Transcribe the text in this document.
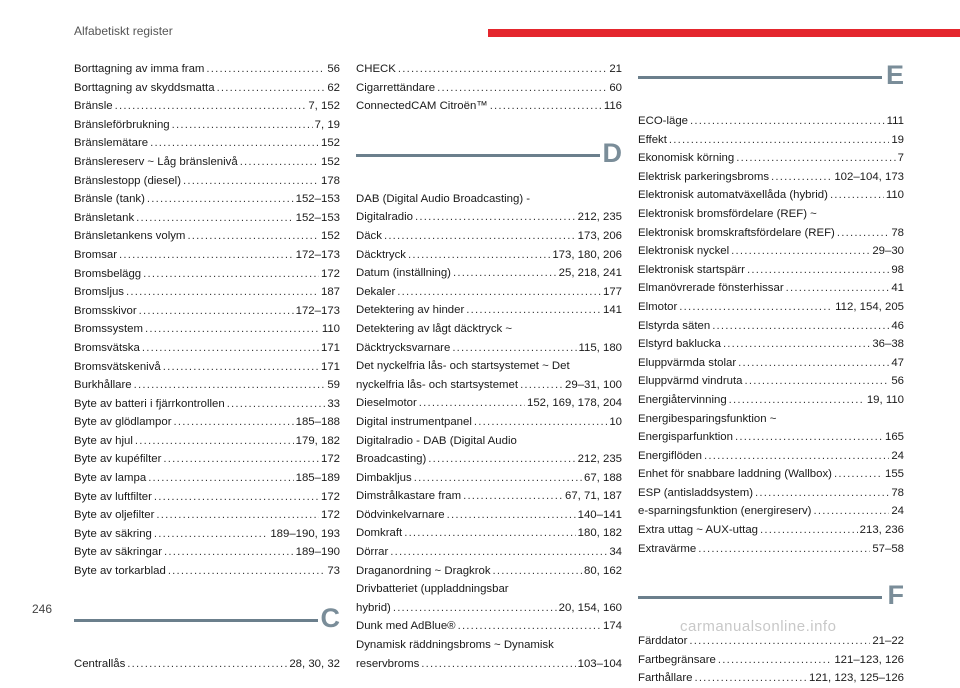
Alfabetiskt register
Borttagning av imma fram .....	56
Borttagning av skyddsmatta .....	62
Bränsle .....	7, 152
Bränsleförbrukning .....	7, 19
Bränslemätare .....	152
Bränslereserv ~ Låg bränslenivå .....	152
Bränslestopp (diesel) .....	178
Bränsle (tank) .....	152–153
Bränsletank .....	152–153
Bränsletankens volym .....	152
Bromsar .....	172–173
Bromsbelägg .....	172
Bromsljus .....	187
Bromsskivor .....	172–173
Bromssystem .....	110
Bromsvätska .....	171
Bromsvätskenivå .....	171
Burkhållare .....	59
Byte av batteri i fjärrkontrollen .....	33
Byte av glödlampor .....	185–188
Byte av hjul .....	179, 182
Byte av kupéfilter .....	172
Byte av lampa .....	185–189
Byte av luftfilter .....	172
Byte av oljefilter .....	172
Byte av säkring .....	189–190, 193
Byte av säkringar .....	189–190
Byte av torkarblad .....	73
C
Centrallås .....	28, 30, 32
CHECK .....	21
Cigarrettändare .....	60
ConnectedCAM Citroën™ .....	116
D
DAB (Digital Audio Broadcasting) -
Digitalradio .....	212, 235
Däck .....	173, 206
Däcktryck .....	173, 180, 206
Datum (inställning) .....	25, 218, 241
Dekaler .....	177
Detektering av hinder .....	141
Detektering av lågt däcktryck ~
Däcktrycksvarnare .....	115, 180
Det nyckelfria lås- och startsystemet ~ Det
nyckelfria lås- och startsystemet .....	29–31, 100
Dieselmotor .....	152, 169, 178, 204
Digital instrumentpanel .....	10
Digitalradio - DAB (Digital Audio
Broadcasting) .....	212, 235
Dimbakljus .....	67, 188
Dimstrålkastare fram .....	67, 71, 187
Dödvinkelvarnare .....	140–141
Domkraft .....	180, 182
Dörrar .....	34
Draganordning ~ Dragkrok .....	80, 162
Drivbatteriet (uppladdningsbar
hybrid) .....	20, 154, 160
Dunk med AdBlue® .....	174
Dynamisk räddningsbroms ~ Dynamisk
reservbroms .....	103–104
E
ECO-läge .....	111
Effekt .....	19
Ekonomisk körning .....	7
Elektrisk parkeringsbroms .....	102–104, 173
Elektronisk automatväxellåda (hybrid) .....	110
Elektronisk bromsfördelare (REF) ~
Elektronisk bromskraftsfördelare (REF) .....	78
Elektronisk nyckel .....	29–30
Elektronisk startspärr .....	98
Elmanövrerade fönsterhissar .....	41
Elmotor .....	112, 154, 205
Elstyrda säten .....	46
Elstyrd baklucka .....	36–38
Eluppvärmda stolar .....	47
Eluppvärmd vindruta .....	56
Energiåtervinning .....	19, 110
Energibesparingsfunktion ~
Energisparfunktion .....	165
Energiflöden .....	24
Enhet för snabbare laddning (Wallbox) .....	155
ESP (antisladdsystem) .....	78
e-sparningsfunktion (energireserv) .....	24
Extra uttag ~ AUX-uttag .....	213, 236
Extravärme .....	57–58
F
Färddator .....	21–22
Fartbegränsare .....	121–123, 126
Farthållare .....	121, 123, 125–126
246
carmanualsonline.info
